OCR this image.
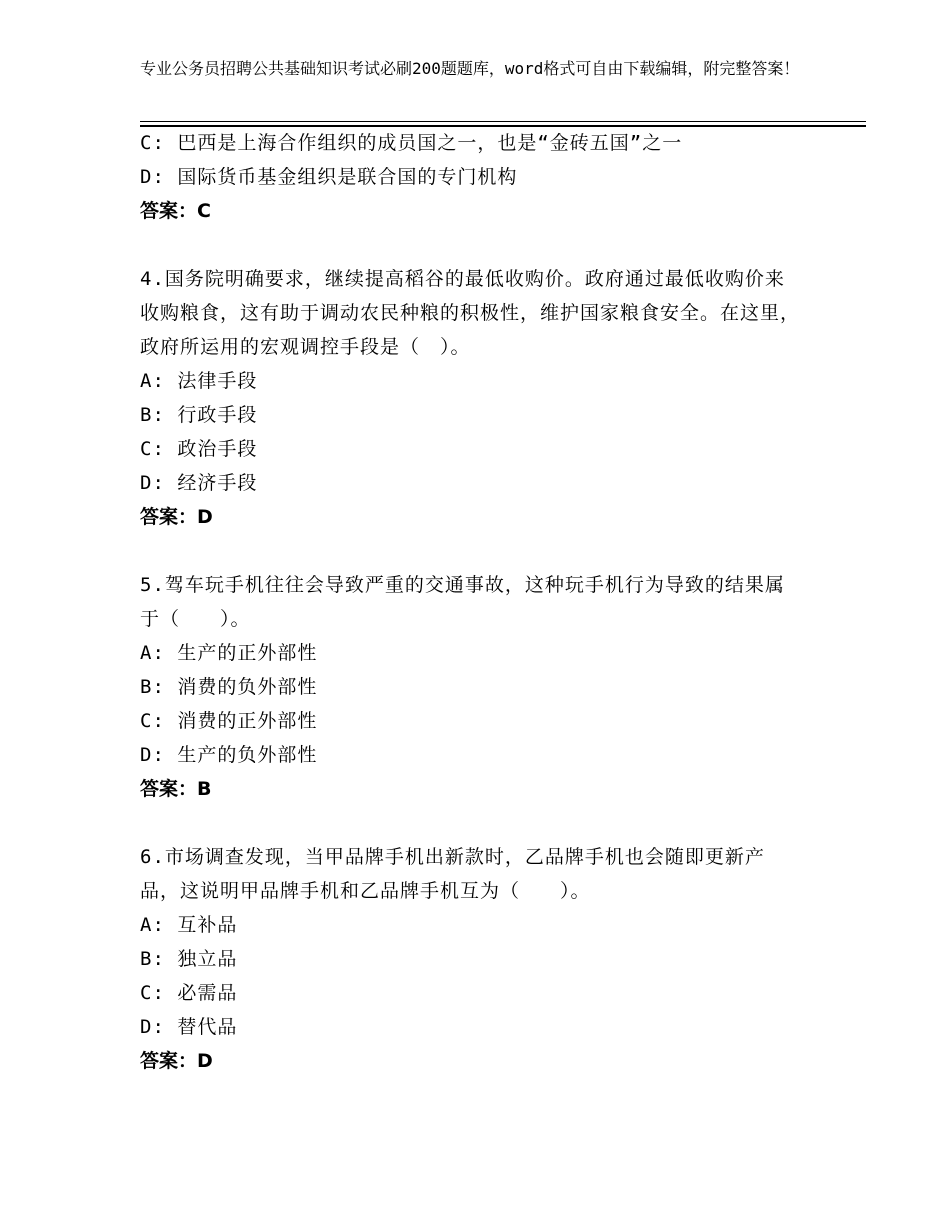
专业公务员招聘公共基础知识考试必刷200题题库，word格式可自由下载编辑，附完整答案！
C: 巴西是上海合作组织的成员国之一，也是“金砖五国”之一
D: 国际货币基金组织是联合国的专门机构
答案：C
4.国务院明确要求，继续提高稻谷的最低收购价。政府通过最低收购价来收购粮食，这有助于调动农民种粮的积极性，维护国家粮食安全。在这里，政府所运用的宏观调控手段是（　）。
A: 法律手段
B: 行政手段
C: 政治手段
D: 经济手段
答案：D
5.驾车玩手机往往会导致严重的交通事故，这种玩手机行为导致的结果属于（　　）。
A: 生产的正外部性
B: 消费的负外部性
C: 消费的正外部性
D: 生产的负外部性
答案：B
6.市场调查发现，当甲品牌手机出新款时，乙品牌手机也会随即更新产品，这说明甲品牌手机和乙品牌手机互为（　　）。
A: 互补品
B: 独立品
C: 必需品
D: 替代品
答案：D
